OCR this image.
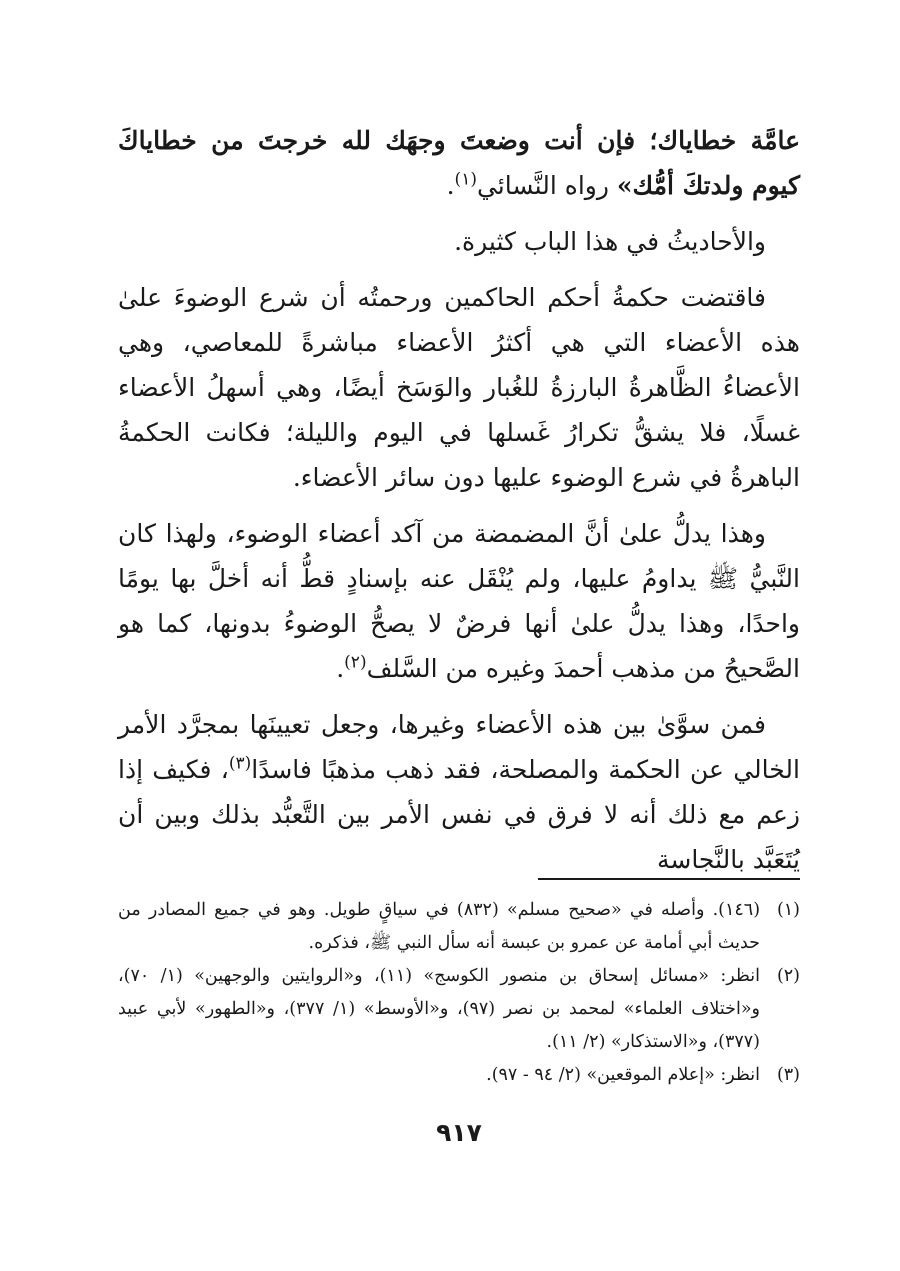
عامَّة خطاياك؛ فإن أنت وضعتَ وجهَك لله خرجتَ من خطاياكَ كيوم ولدتكَ أمُّك» رواه النَّسائي$^{(١)}$.

والأحاديثُ في هذا الباب كثيرة.

فاقتضت حكمةُ أحكم الحاكمين ورحمتُه أن شرع الوضوءَ علىٰ هذه الأعضاء التي هي أكثرُ الأعضاء مباشرةً للمعاصي، وهي الأعضاءُ الظَّاهرةُ البارزةُ للغُبار والوَسَخ أيضًا، وهي أسهلُ الأعضاء غسلًا، فلا يشقُّ تكرارُ غَسلها في اليوم والليلة؛ فكانت الحكمةُ الباهرةُ في شرع الوضوء عليها دون سائر الأعضاء.

وهذا يدلُّ علىٰ أنَّ المضمضة من آكد أعضاء الوضوء، ولهذا كان النَّبيُّ ﷺ يداومُ عليها، ولم يُنْقَل عنه بإسنادٍ قطُّ أنه أخلَّ بها يومًا واحدًا، وهذا يدلُّ علىٰ أنها فرضٌ لا يصحُّ الوضوءُ بدونها، كما هو الصَّحيحُ من مذهب أحمدَ وغيره من السَّلف$^{(٢)}$.

فمن سوَّىٰ بين هذه الأعضاء وغيرها، وجعل تعيينَها بمجرَّد الأمر الخالي عن الحكمة والمصلحة، فقد ذهب مذهبًا فاسدًا$^{(٣)}$، فكيف إذا زعم مع ذلك أنه لا فرق في نفس الأمر بين التَّعبُّد بذلك وبين أن يُتَعَبَّد بالنَّجاسة

(١)
(١٤٦). وأصله في «صحيح مسلم» (٨٣٢) في سياقٍ طويل. وهو في جميع المصادر من حديث أبي أمامة عن عمرو بن عبسة أنه سأل النبي ﷺ، فذكره.
(٢)
انظر: «مسائل إسحاق بن منصور الكوسج» (١١)، و«الروايتين والوجهين» (١/ ٧٠)، و«اختلاف العلماء» لمحمد بن نصر (٩٧)، و«الأوسط» (١/ ٣٧٧)، و«الطهور» لأبي عبيد (٣٧٧)، و«الاستذكار» (٢/ ١١).
(٣)
انظر: «إعلام الموقعين» (٢/ ٩٤ - ٩٧).
٩١٧
